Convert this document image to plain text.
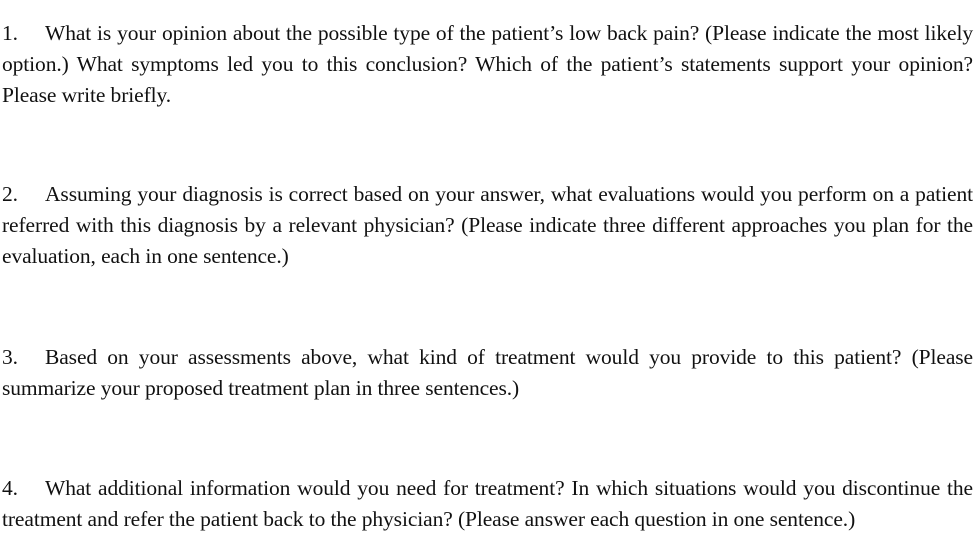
1. What is your opinion about the possible type of the patient’s low back pain? (Please indicate the most likely option.) What symptoms led you to this conclusion? Which of the patient’s statements support your opinion? Please write briefly.

2. Assuming your diagnosis is correct based on your answer, what evaluations would you perform on a patient referred with this diagnosis by a relevant physician? (Please indicate three different approaches you plan for the evaluation, each in one sentence.)

3. Based on your assessments above, what kind of treatment would you provide to this patient? (Please summarize your proposed treatment plan in three sentences.)

4. What additional information would you need for treatment? In which situations would you discontinue the treatment and refer the patient back to the physician? (Please answer each question in one sentence.)
